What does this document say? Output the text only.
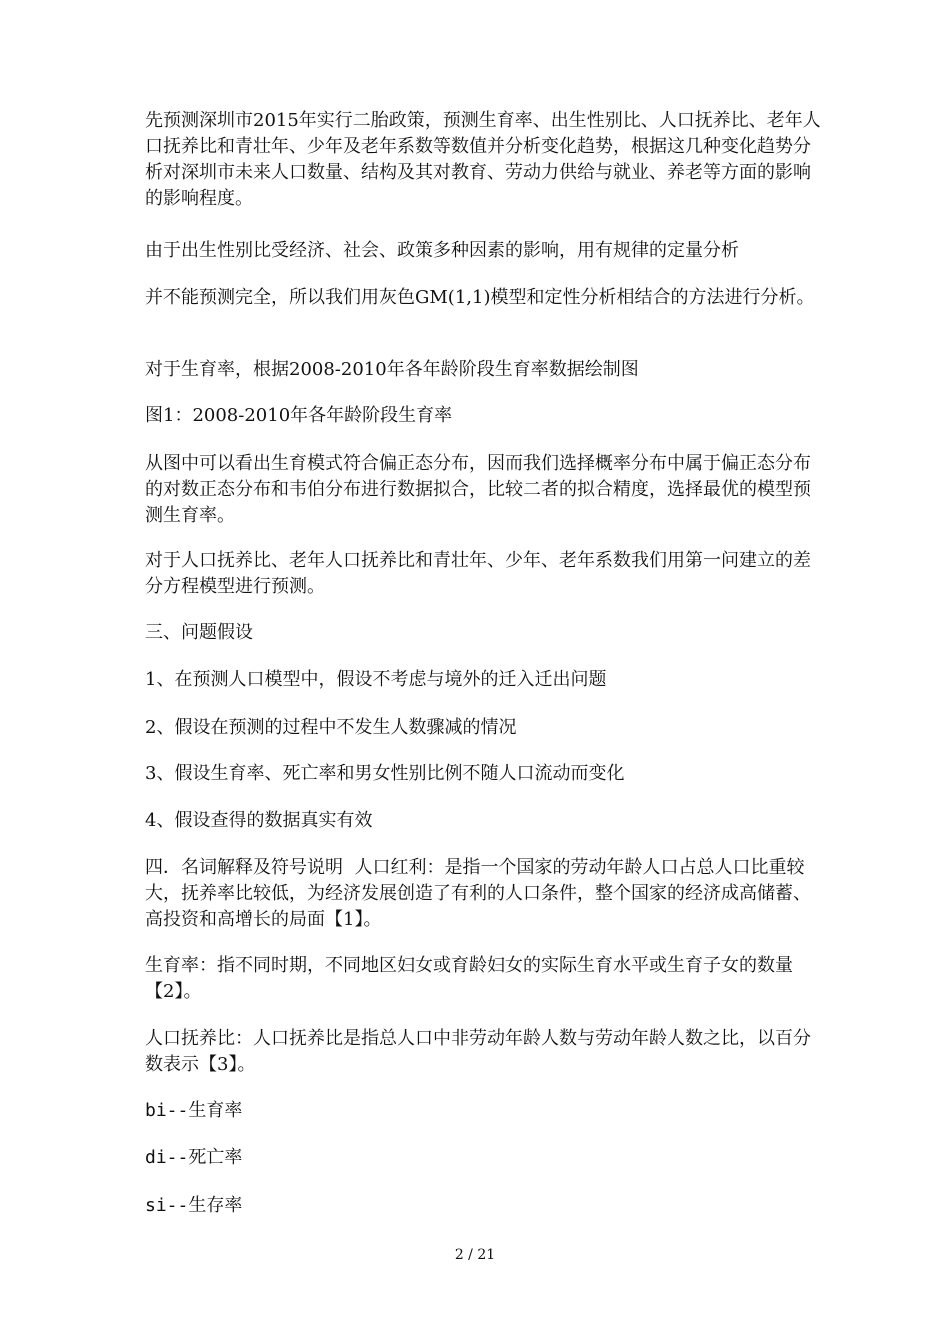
先预测深圳市2015年实行二胎政策，预测生育率、出生性别比、人口抚养比、老年人口抚养比和青壮年、少年及老年系数等数值并分析变化趋势，根据这几种变化趋势分析对深圳市未来人口数量、结构及其对教育、劳动力供给与就业、养老等方面的影响的影响程度。

由于出生性别比受经济、社会、政策多种因素的影响，用有规律的定量分析

并不能预测完全，所以我们用灰色GM(1,1)模型和定性分析相结合的方法进行分析。

对于生育率，根据2008-2010年各年龄阶段生育率数据绘制图

图1：2008-2010年各年龄阶段生育率

从图中可以看出生育模式符合偏正态分布，因而我们选择概率分布中属于偏正态分布的对数正态分布和韦伯分布进行数据拟合，比较二者的拟合精度，选择最优的模型预测生育率。

对于人口抚养比、老年人口抚养比和青壮年、少年、老年系数我们用第一问建立的差分方程模型进行预测。

三、问题假设

1、在预测人口模型中，假设不考虑与境外的迁入迁出问题

2、假设在预测的过程中不发生人数骤减的情况

3、假设生育率、死亡率和男女性别比例不随人口流动而变化

4、假设查得的数据真实有效

四．名词解释及符号说明  人口红利：是指一个国家的劳动年龄人口占总人口比重较大，抚养率比较低，为经济发展创造了有利的人口条件，整个国家的经济成高储蓄、高投资和高增长的局面【1】。

生育率：指不同时期，不同地区妇女或育龄妇女的实际生育水平或生育子女的数量【2】。

人口抚养比：人口抚养比是指总人口中非劳动年龄人数与劳动年龄人数之比，以百分数表示【3】。

bi--生育率

di--死亡率

si--生存率

2 / 21
